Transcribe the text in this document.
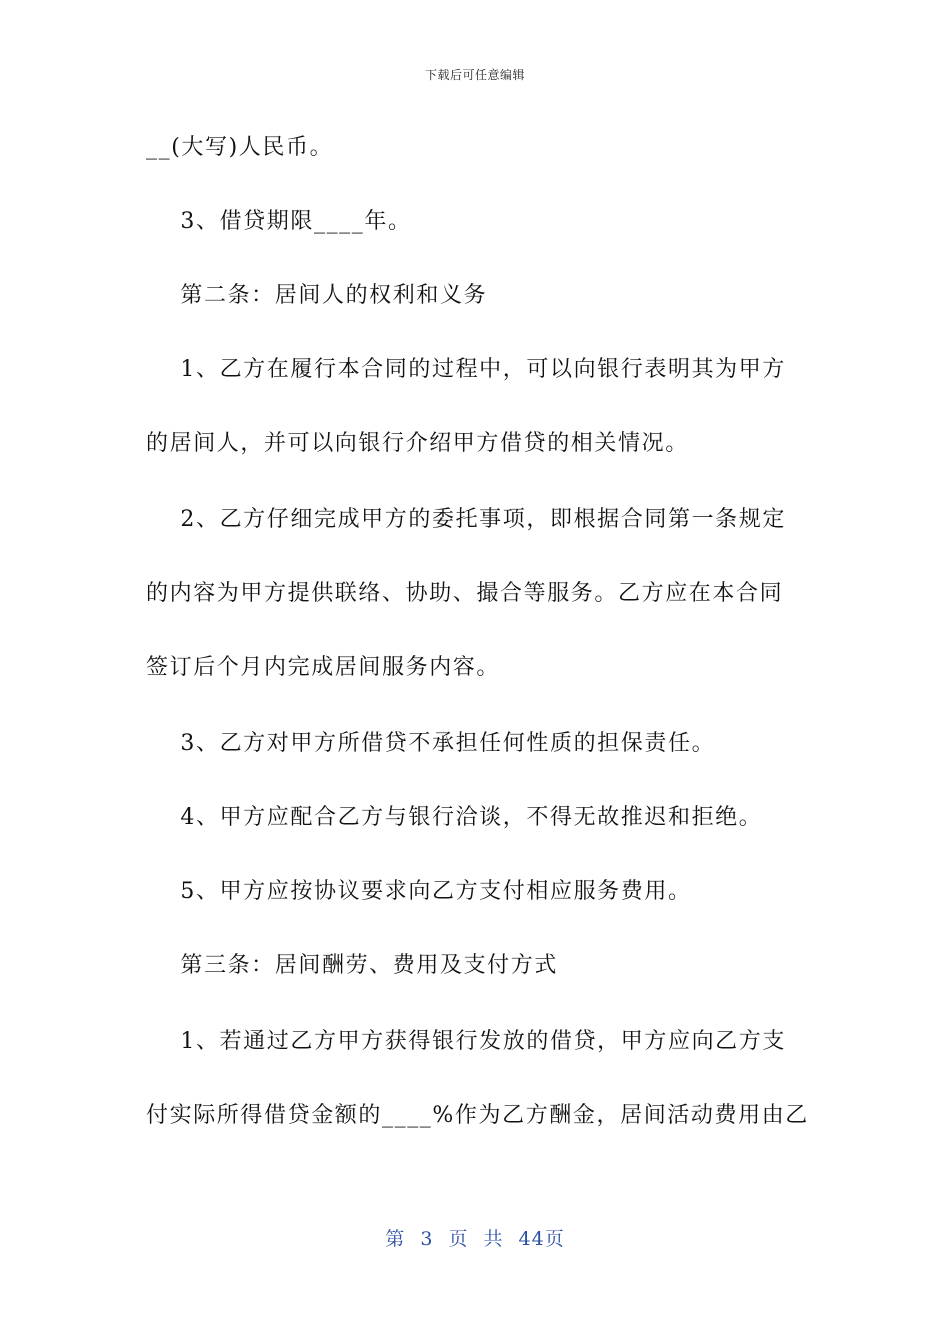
下载后可任意编辑
__(大写)人民币。
3、借贷期限____年。
第二条：居间人的权利和义务
1、乙方在履行本合同的过程中，可以向银行表明其为甲方
的居间人，并可以向银行介绍甲方借贷的相关情况。
2、乙方仔细完成甲方的委托事项，即根据合同第一条规定
的内容为甲方提供联络、协助、撮合等服务。乙方应在本合同
签订后个月内完成居间服务内容。
3、乙方对甲方所借贷不承担任何性质的担保责任。
4、甲方应配合乙方与银行洽谈，不得无故推迟和拒绝。
5、甲方应按协议要求向乙方支付相应服务费用。
第三条：居间酬劳、费用及支付方式
1、若通过乙方甲方获得银行发放的借贷，甲方应向乙方支
付实际所得借贷金额的____%作为乙方酬金，居间活动费用由乙
第 3 页 共 44页
